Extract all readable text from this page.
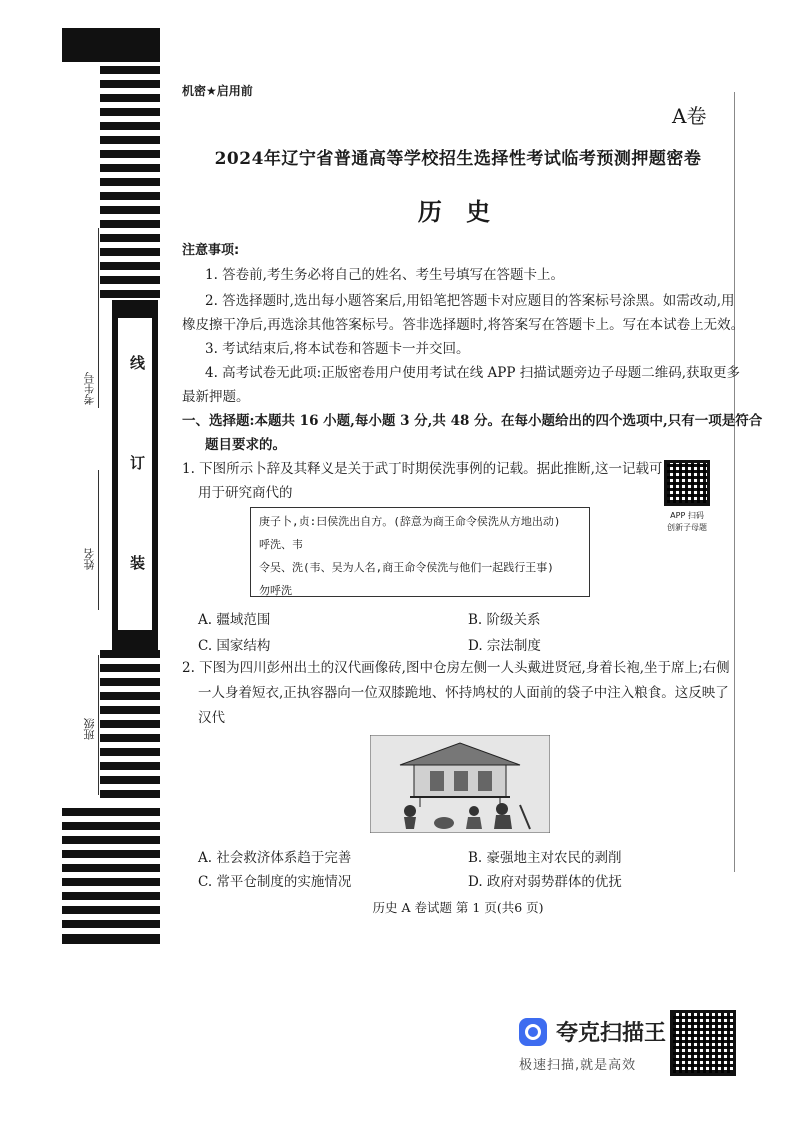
线
订
装
考生号
姓名
班级
机密★启用前
A卷
2024年辽宁省普通高等学校招生选择性考试临考预测押题密卷
历 史
注意事项:
1. 答卷前,考生务必将自己的姓名、考生号填写在答题卡上。
2. 答选择题时,选出每小题答案后,用铅笔把答题卡对应题目的答案标号涂黑。如需改动,用
橡皮擦干净后,再选涂其他答案标号。答非选择题时,将答案写在答题卡上。写在本试卷上无效。
3. 考试结束后,将本试卷和答题卡一并交回。
4. 高考试卷无此项:正版密卷用户使用考试在线 APP 扫描试题旁边子母题二维码,获取更多
最新押题。
一、选择题:本题共 16 小题,每小题 3 分,共 48 分。在每小题给出的四个选项中,只有一项是符合
题目要求的。
1. 下图所示卜辞及其释义是关于武丁时期侯洗事例的记载。据此推断,这一记载可
用于研究商代的
庚子卜,贞:曰侯洗出自方。(辞意为商王命令侯洗从方地出动)
呼洗、韦
令吴、洗(韦、吴为人名,商王命令侯洗与他们一起践行王事)
勿呼洗
APP 扫码
创新子母题
A. 疆域范围	B. 阶级关系
C. 国家结构	D. 宗法制度
2. 下图为四川彭州出土的汉代画像砖,图中仓房左侧一人头戴进贤冠,身着长袍,坐于席上;右侧
一人身着短衣,正执容器向一位双膝跪地、怀持鸠杖的人面前的袋子中注入粮食。这反映了
汉代
A. 社会救济体系趋于完善	B. 豪强地主对农民的剥削
C. 常平仓制度的实施情况	D. 政府对弱势群体的优抚
历史 A 卷试题 第 1 页(共6 页)
夸克扫描王
极速扫描,就是高效
